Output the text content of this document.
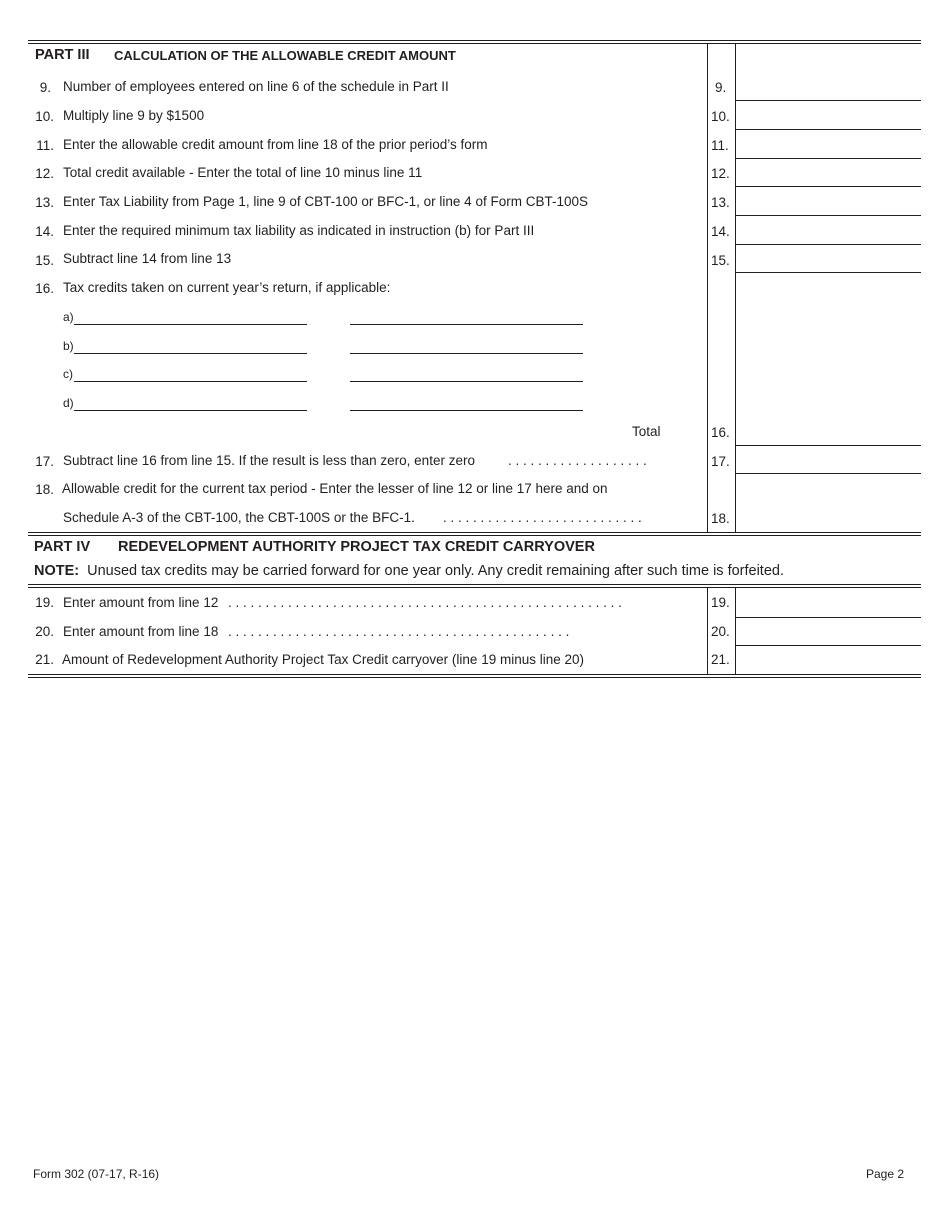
PART III CALCULATION OF THE ALLOWABLE CREDIT AMOUNT
9. Number of employees entered on line 6 of the schedule in Part II	9.
10. Multiply line 9 by $1500	10.
11. Enter the allowable credit amount from line 18 of the prior period’s form	11.
12. Total credit available - Enter the total of line 10 minus line 11	12.
13. Enter Tax Liability from Page 1, line 9 of CBT-100 or BFC-1, or line 4 of Form CBT-100S	13.
14. Enter the required minimum tax liability as indicated in instruction (b) for Part III	14.
15. Subtract line 14 from line 13	15.
16. Tax credits taken on current year’s return, if applicable:
a)
b)
c)
d)
Total	16.
17. Subtract line 16 from line 15. If the result is less than zero, enter zero . . . . . . . . . . . . . . . . . . .	17.
18. Allowable credit for the current tax period - Enter the lesser of line 12 or line 17 here and on
Schedule A-3 of the CBT-100, the CBT-100S or the BFC-1. . . . . . . . . . . . . . . . . . . . . . . . . . . .	18.
PART IV REDEVELOPMENT AUTHORITY PROJECT TAX CREDIT CARRYOVER
NOTE: Unused tax credits may be carried forward for one year only. Any credit remaining after such time is forfeited.
19. Enter amount from line 12 . . . . . . . . . . . . . . . . . . . . . . . . . . . . . . . . . . . . . . . . . . . . . . . . . . . . .	19.
20. Enter amount from line 18 . . . . . . . . . . . . . . . . . . . . . . . . . . . . . . . . . . . . . . . . . . . . . .	20.
21. Amount of Redevelopment Authority Project Tax Credit carryover (line 19 minus line 20)	21.
Form 302 (07-17, R-16)	Page 2
